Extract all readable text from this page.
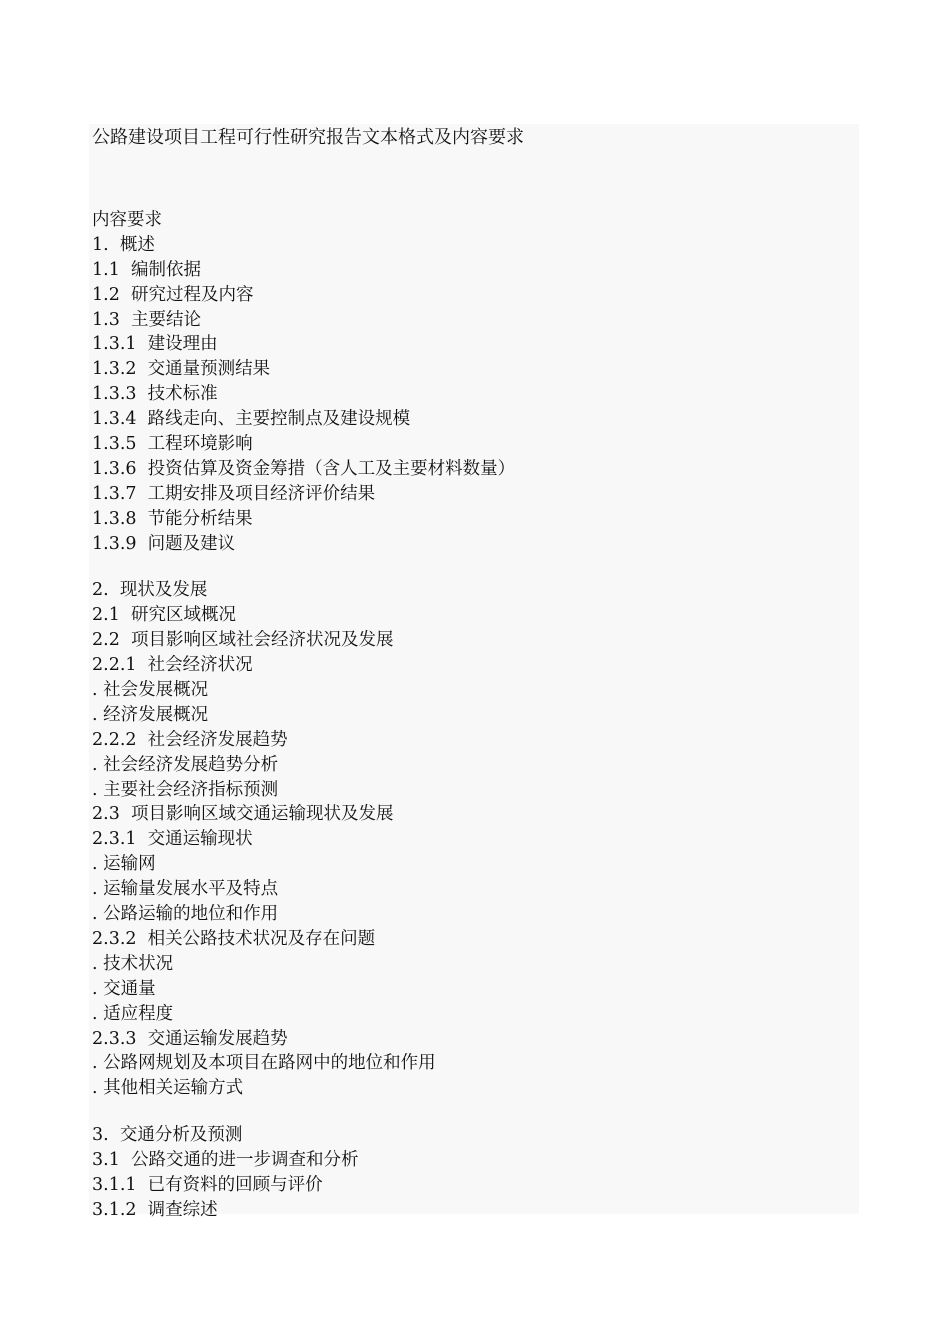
公路建设项目工程可行性研究报告文本格式及内容要求
内容要求
1.  概述
1.1  编制依据
1.2  研究过程及内容
1.3  主要结论
1.3.1  建设理由
1.3.2  交通量预测结果
1.3.3  技术标准
1.3.4  路线走向、主要控制点及建设规模
1.3.5  工程环境影响
1.3.6  投资估算及资金筹措（含人工及主要材料数量）
1.3.7  工期安排及项目经济评价结果
1.3.8  节能分析结果
1.3.9  问题及建议
2.  现状及发展
2.1  研究区域概况
2.2  项目影响区域社会经济状况及发展
2.2.1  社会经济状况
. 社会发展概况
. 经济发展概况
2.2.2  社会经济发展趋势
. 社会经济发展趋势分析
. 主要社会经济指标预测
2.3  项目影响区域交通运输现状及发展
2.3.1  交通运输现状
. 运输网
. 运输量发展水平及特点
. 公路运输的地位和作用
2.3.2  相关公路技术状况及存在问题
. 技术状况
. 交通量
. 适应程度
2.3.3  交通运输发展趋势
. 公路网规划及本项目在路网中的地位和作用
. 其他相关运输方式
3.  交通分析及预测
3.1  公路交通的进一步调查和分析
3.1.1  已有资料的回顾与评价
3.1.2  调查综述
